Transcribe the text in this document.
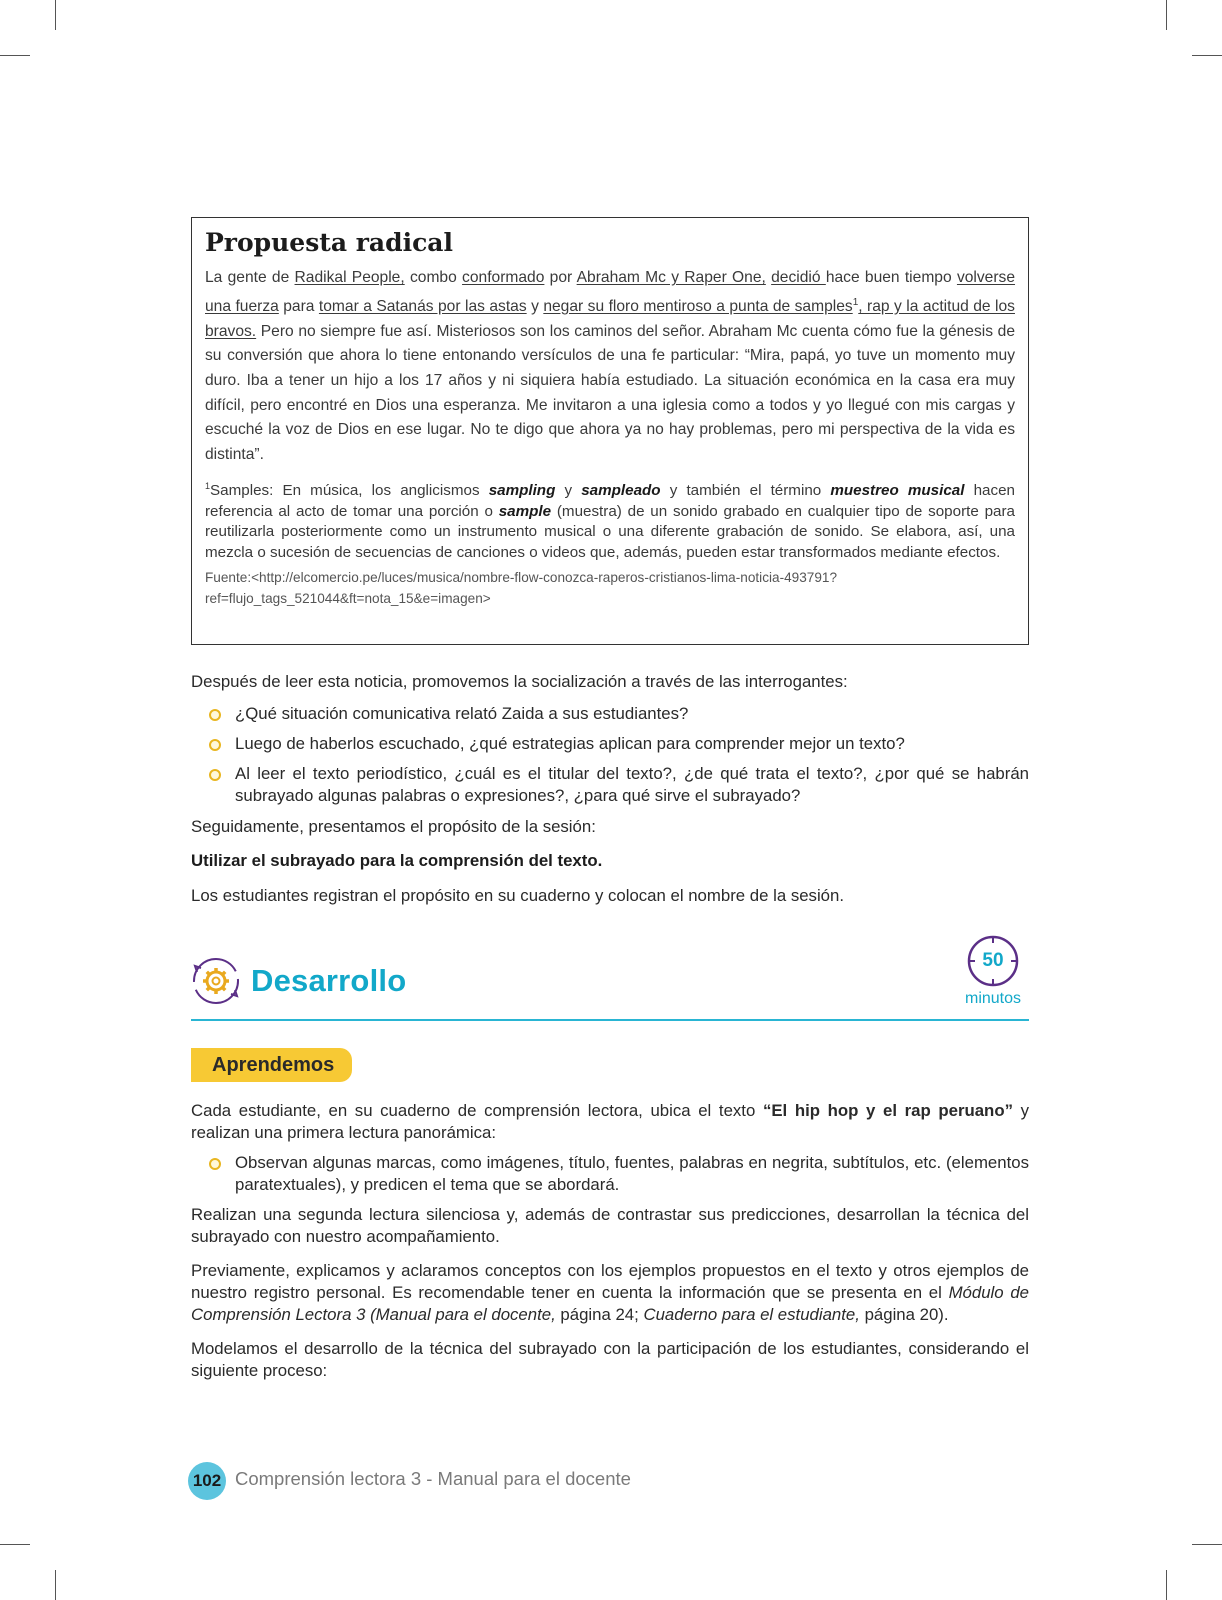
Propuesta radical

La gente de Radikal People, combo conformado por Abraham Mc y Raper One, decidió hace buen tiempo volverse una fuerza para tomar a Satanás por las astas y negar su floro mentiroso a punta de samples$^1$, rap y la actitud de los bravos. Pero no siempre fue así. Misteriosos son los caminos del señor. Abraham Mc cuenta cómo fue la génesis de su conversión que ahora lo tiene entonando versículos de una fe particular: “Mira, papá, yo tuve un momento muy duro. Iba a tener un hijo a los 17 años y ni siquiera había estudiado. La situación económica en la casa era muy difícil, pero encontré en Dios una esperanza. Me invitaron a una iglesia como a todos y yo llegué con mis cargas y escuché la voz de Dios en ese lugar. No te digo que ahora ya no hay problemas, pero mi perspectiva de la vida es distinta”.

$^1$Samples: En música, los anglicismos sampling y sampleado y también el término muestreo musical hacen referencia al acto de tomar una porción o sample (muestra) de un sonido grabado en cualquier tipo de soporte para reutilizarla posteriormente como un instrumento musical o una diferente grabación de sonido. Se elabora, así, una mezcla o sucesión de secuencias de canciones o videos que, además, pueden estar transformados mediante efectos.

Fuente:<http://elcomercio.pe/luces/musica/nombre-flow-conozca-raperos-cristianos-lima-noticia-493791?ref=flujo_tags_521044&ft=nota_15&e=imagen>

Después de leer esta noticia, promovemos la socialización a través de las interrogantes:

¿Qué situación comunicativa relató Zaida a sus estudiantes?
Luego de haberlos escuchado, ¿qué estrategias aplican para comprender mejor un texto?
Al leer el texto periodístico, ¿cuál es el titular del texto?, ¿de qué trata el texto?, ¿por qué se habrán subrayado algunas palabras o expresiones?, ¿para qué sirve el subrayado?

Seguidamente, presentamos el propósito de la sesión:

Utilizar el subrayado para la comprensión del texto.

Los estudiantes registran el propósito en su cuaderno y colocan el nombre de la sesión.

Desarrollo
50
minutos
Aprendemos

Cada estudiante, en su cuaderno de comprensión lectora, ubica el texto “El hip hop y el rap peruano” y realizan una primera lectura panorámica:

Observan algunas marcas, como imágenes, título, fuentes, palabras en negrita, subtítulos, etc. (elementos paratextuales), y predicen el tema que se abordará.

Realizan una segunda lectura silenciosa y, además de contrastar sus predicciones, desarrollan la técnica del subrayado con nuestro acompañamiento.

Previamente, explicamos y aclaramos conceptos con los ejemplos propuestos en el texto y otros ejemplos de nuestro registro personal. Es recomendable tener en cuenta la información que se presenta en el Módulo de Comprensión Lectora 3 (Manual para el docente, página 24; Cuaderno para el estudiante, página 20).

Modelamos el desarrollo de la técnica del subrayado con la participación de los estudiantes, considerando el siguiente proceso:

102 Comprensión lectora 3 - Manual para el docente
